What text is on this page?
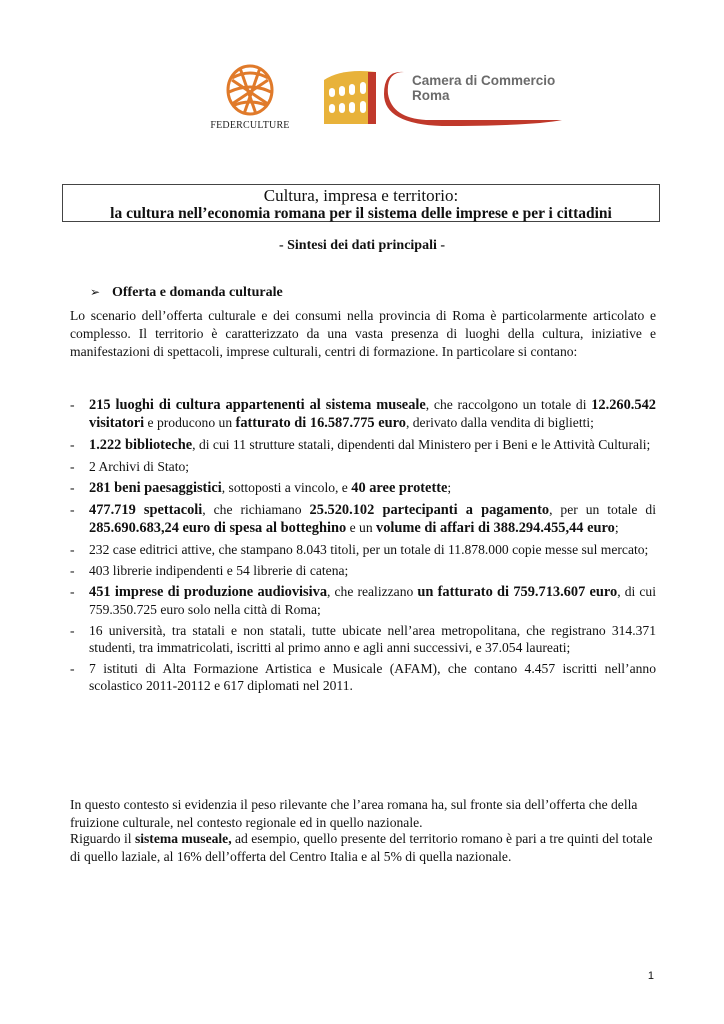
FEDERCULTURE
Camera di Commercio
Roma
Cultura, impresa e territorio:
la cultura nell’economia romana per il sistema delle imprese e per i cittadini
- Sintesi dei dati principali -
➢ Offerta e domanda culturale
Lo scenario dell’offerta culturale e dei consumi nella provincia di Roma è particolarmente articolato e complesso. Il territorio è caratterizzato da una vasta presenza di luoghi della cultura, iniziative e manifestazioni di spettacoli, imprese culturali, centri di formazione. In particolare si contano:
- 215 luoghi di cultura appartenenti al sistema museale, che raccolgono un totale di 12.260.542 visitatori e producono un fatturato di 16.587.775 euro, derivato dalla vendita di biglietti;
- 1.222 biblioteche, di cui 11 strutture statali, dipendenti dal Ministero per i Beni e le Attività Culturali;
- 2 Archivi di Stato;
- 281 beni paesaggistici, sottoposti a vincolo, e 40 aree protette;
- 477.719 spettacoli, che richiamano 25.520.102 partecipanti a pagamento, per un totale di 285.690.683,24 euro di spesa al botteghino e un volume di affari di 388.294.455,44 euro;
- 232 case editrici attive, che stampano 8.043 titoli, per un totale di 11.878.000 copie messe sul mercato;
- 403 librerie indipendenti e 54 librerie di catena;
- 451 imprese di produzione audiovisiva, che realizzano un fatturato di 759.713.607 euro, di cui 759.350.725 euro solo nella città di Roma;
- 16 università, tra statali e non statali, tutte ubicate nell’area metropolitana, che registrano 314.371 studenti, tra immatricolati, iscritti al primo anno e agli anni successivi, e 37.054 laureati;
- 7 istituti di Alta Formazione Artistica e Musicale (AFAM), che contano 4.457 iscritti nell’anno scolastico 2011-20112 e 617 diplomati nel 2011.
In questo contesto si evidenzia il peso rilevante che l’area romana ha, sul fronte sia dell’offerta che della fruizione culturale, nel contesto regionale ed in quello nazionale.
Riguardo il sistema museale, ad esempio, quello presente del territorio romano è pari a tre quinti del totale di quello laziale, al 16% dell’offerta del Centro Italia e al 5% di quella nazionale.
1
